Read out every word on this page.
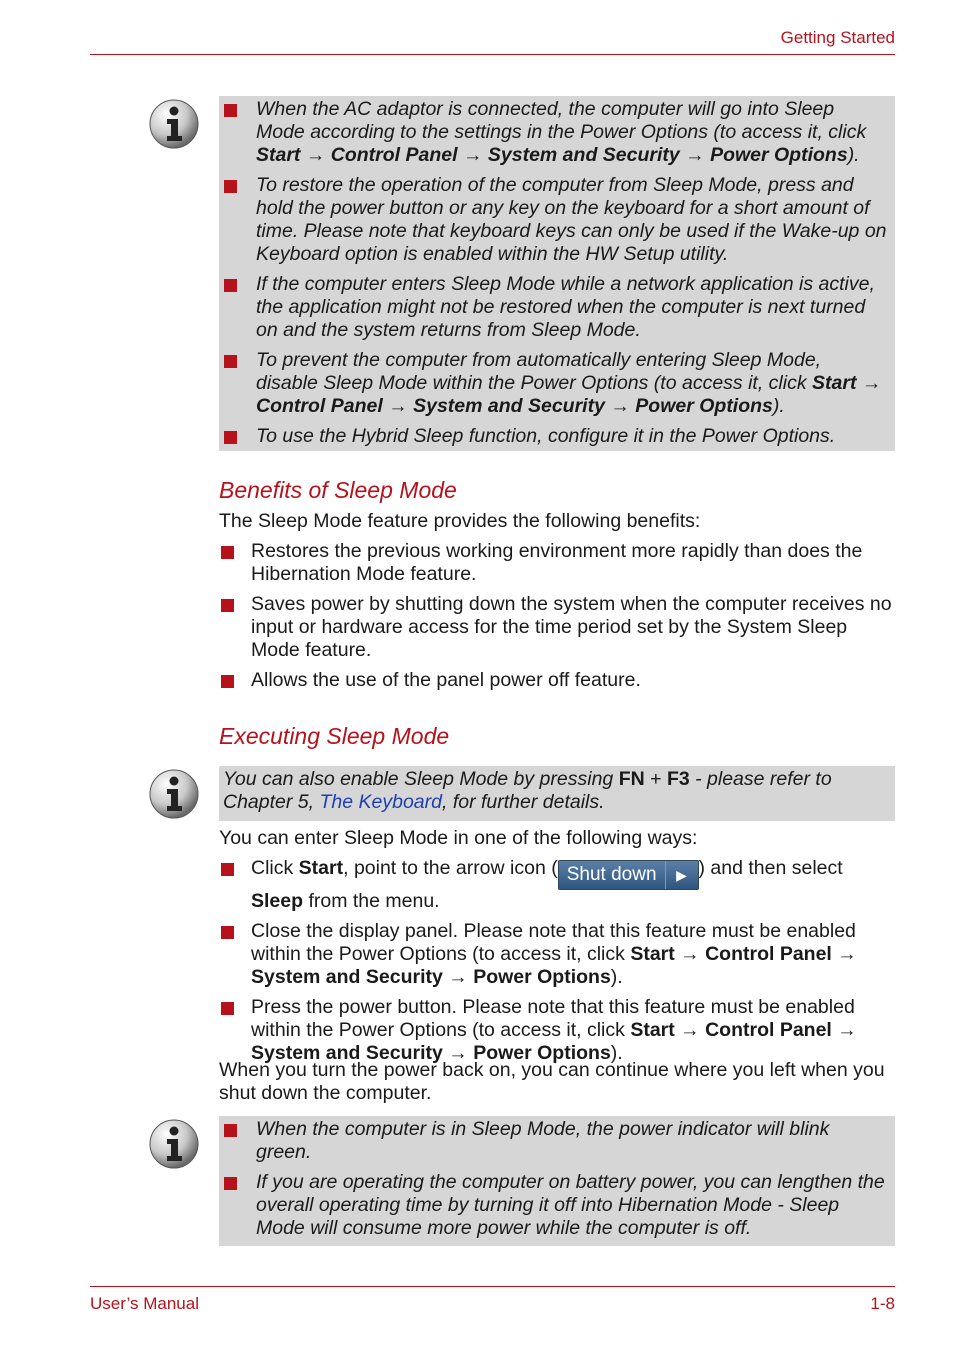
Getting Started
When the AC adaptor is connected, the computer will go into Sleep Mode according to the settings in the Power Options (to access it, click Start → Control Panel → System and Security → Power Options).
To restore the operation of the computer from Sleep Mode, press and hold the power button or any key on the keyboard for a short amount of time. Please note that keyboard keys can only be used if the Wake-up on Keyboard option is enabled within the HW Setup utility.
If the computer enters Sleep Mode while a network application is active, the application might not be restored when the computer is next turned on and the system returns from Sleep Mode.
To prevent the computer from automatically entering Sleep Mode, disable Sleep Mode within the Power Options (to access it, click Start → Control Panel → System and Security → Power Options).
To use the Hybrid Sleep function, configure it in the Power Options.
Benefits of Sleep Mode
The Sleep Mode feature provides the following benefits:
Restores the previous working environment more rapidly than does the Hibernation Mode feature.
Saves power by shutting down the system when the computer receives no input or hardware access for the time period set by the System Sleep Mode feature.
Allows the use of the panel power off feature.
Executing Sleep Mode
You can also enable Sleep Mode by pressing FN + F3 - please refer to Chapter 5, The Keyboard, for further details.
You can enter Sleep Mode in one of the following ways:
Click Start, point to the arrow icon ( Shut down	▶ ) and then select Sleep from the menu.
Close the display panel. Please note that this feature must be enabled within the Power Options (to access it, click Start → Control Panel → System and Security → Power Options).
Press the power button. Please note that this feature must be enabled within the Power Options (to access it, click Start → Control Panel → System and Security → Power Options).
When you turn the power back on, you can continue where you left when you shut down the computer.
When the computer is in Sleep Mode, the power indicator will blink green.
If you are operating the computer on battery power, you can lengthen the overall operating time by turning it off into Hibernation Mode - Sleep Mode will consume more power while the computer is off.
User’s Manual	1-8
